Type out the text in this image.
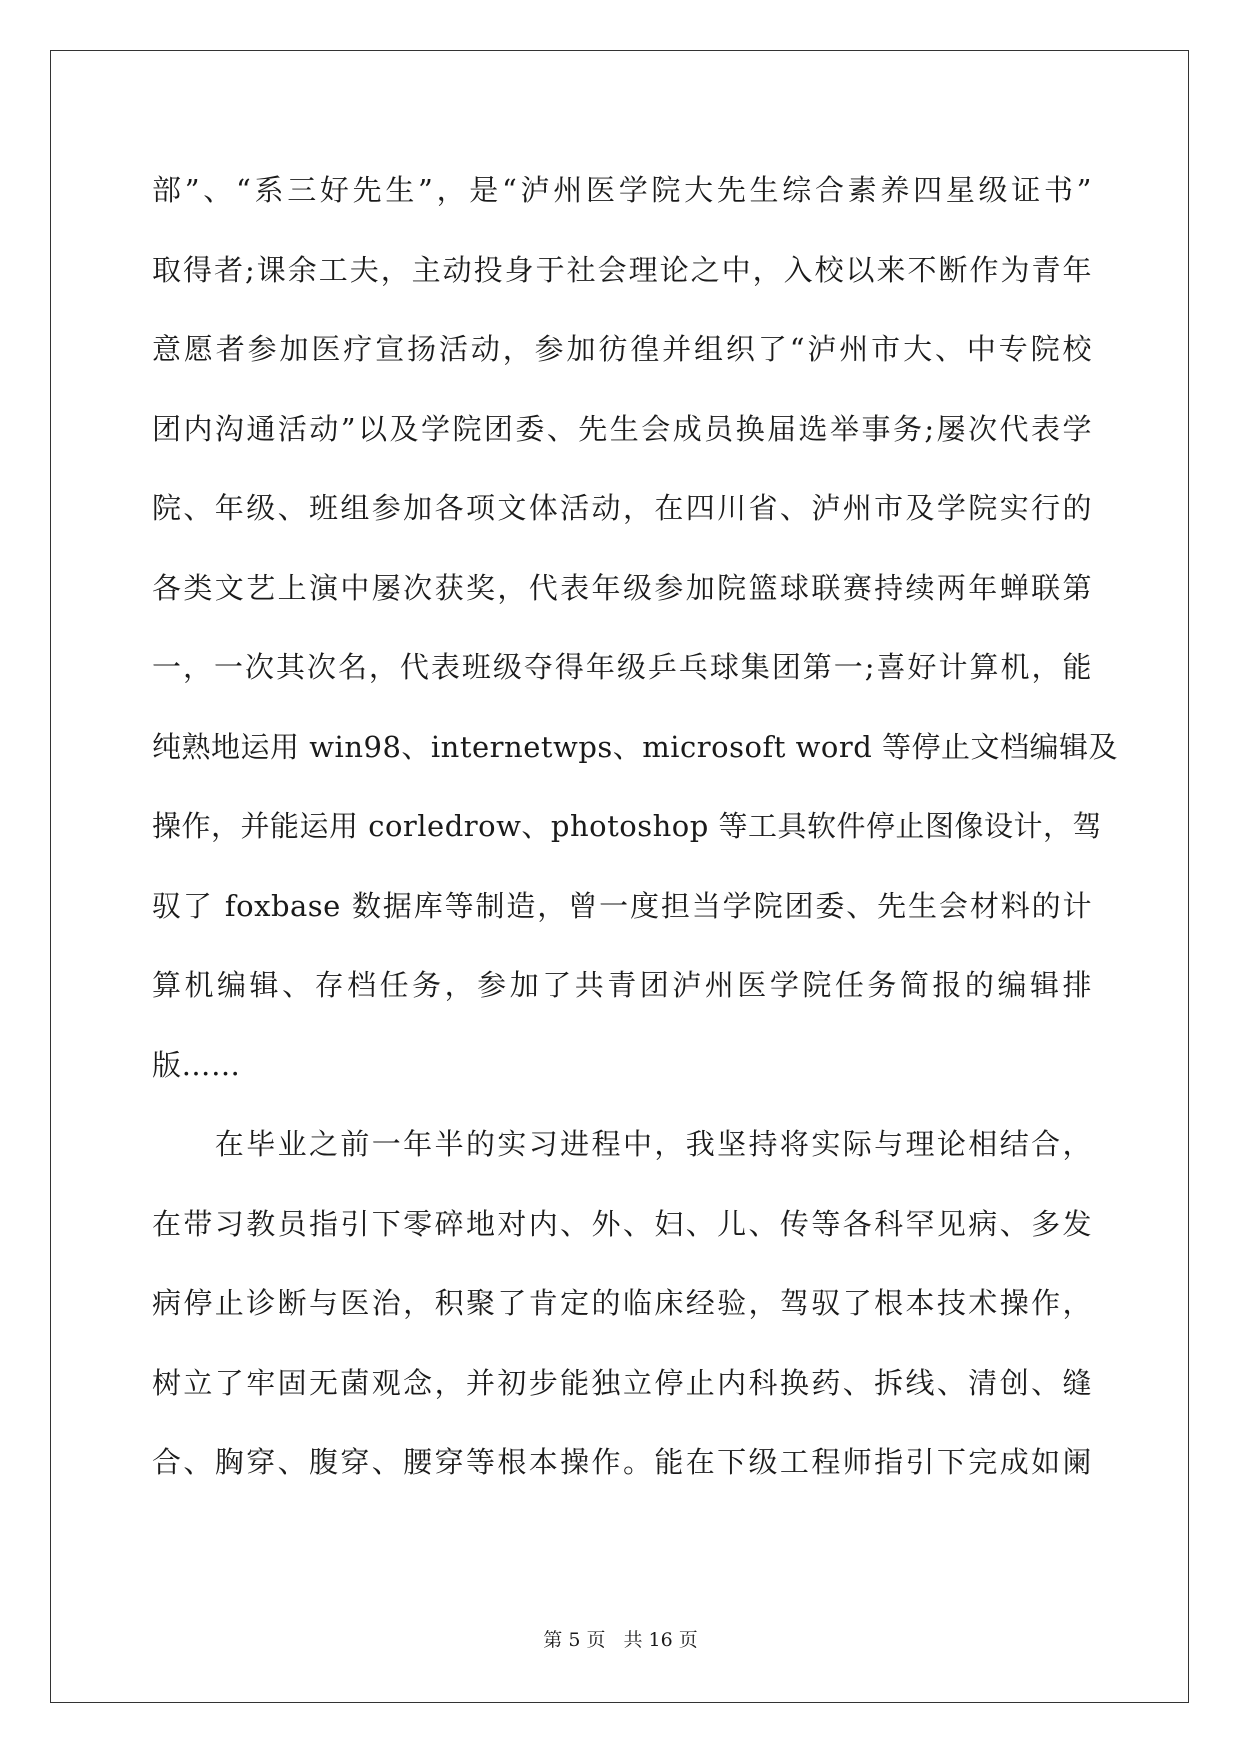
部”、“系三好先生”，是“泸州医学院大先生综合素养四星级证书”
取得者;课余工夫，主动投身于社会理论之中，入校以来不断作为青年
意愿者参加医疗宣扬活动，参加彷徨并组织了“泸州市大、中专院校
团内沟通活动”以及学院团委、先生会成员换届选举事务;屡次代表学
院、年级、班组参加各项文体活动，在四川省、泸州市及学院实行的
各类文艺上演中屡次获奖，代表年级参加院篮球联赛持续两年蝉联第
一，一次其次名，代表班级夺得年级乒乓球集团第一;喜好计算机，能
纯熟地运用 win98、internetwps、microsoft word 等停止文档编辑及
操作，并能运用 corledrow、photoshop 等工具软件停止图像设计，驾
驭了 foxbase 数据库等制造，曾一度担当学院团委、先生会材料的计
算机编辑、存档任务，参加了共青团泸州医学院任务简报的编辑排
版……
　　在毕业之前一年半的实习进程中，我坚持将实际与理论相结合，
在带习教员指引下零碎地对内、外、妇、儿、传等各科罕见病、多发
病停止诊断与医治，积聚了肯定的临床经验，驾驭了根本技术操作，
树立了牢固无菌观念，并初步能独立停止内科换药、拆线、清创、缝
合、胸穿、腹穿、腰穿等根本操作。能在下级工程师指引下完成如阑
第 5 页 共 16 页
